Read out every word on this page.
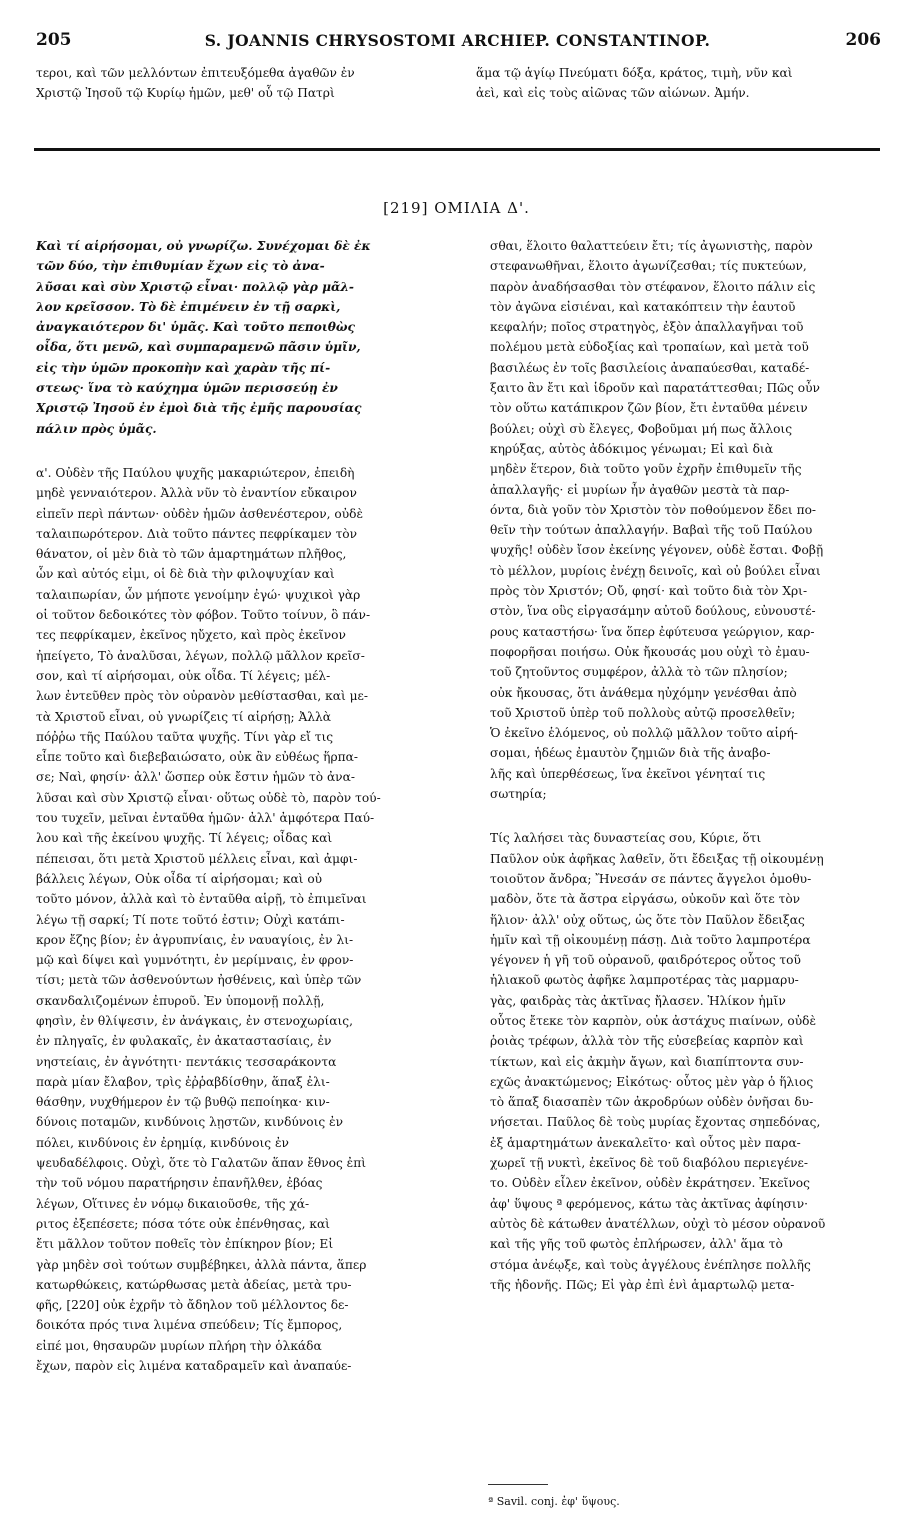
205	S. JOANNIS CHRYSOSTOMI ARCHIEP. CONSTANTINOP.	206
τεροι, καὶ τῶν μελλόντων ἐπιτευξόμεθα ἀγαθῶν ἐν
Χριστῷ Ἰησοῦ τῷ Κυρίῳ ἡμῶν, μεθ' οὗ τῷ Πατρὶ
ἅμα τῷ ἁγίῳ Πνεύματι δόξα, κράτος, τιμὴ, νῦν καὶ
ἀεὶ, καὶ εἰς τοὺς αἰῶνας τῶν αἰώνων. Ἀμήν.
[219] ΟΜΙΛΙΑ Δ'.
Καὶ τί αἱρήσομαι, οὐ γνωρίζω. Συνέχομαι δὲ ἐκ
τῶν δύο, τὴν ἐπιθυμίαν ἔχων εἰς τὸ ἀνα-
λῦσαι καὶ σὺν Χριστῷ εἶναι· πολλῷ γὰρ μᾶλ-
λον κρεῖσσον. Τὸ δὲ ἐπιμένειν ἐν τῇ σαρκὶ,
ἀναγκαιότερον δι' ὑμᾶς. Καὶ τοῦτο πεποιθὼς
οἶδα, ὅτι μενῶ, καὶ συμπαραμενῶ πᾶσιν ὑμῖν,
εἰς τὴν ὑμῶν προκοπὴν καὶ χαρὰν τῆς πί-
στεως· ἵνα τὸ καύχημα ὑμῶν περισσεύῃ ἐν
Χριστῷ Ἰησοῦ ἐν ἐμοὶ διὰ τῆς ἐμῆς παρουσίας
πάλιν πρὸς ὑμᾶς.
α'. Οὐδὲν τῆς Παύλου ψυχῆς μακαριώτερον, ἐπειδὴ
μηδὲ γενναιότερον. Ἀλλὰ νῦν τὸ ἐναντίον εὔκαιρον
εἰπεῖν περὶ πάντων· οὐδὲν ἡμῶν ἀσθενέστερον, οὐδὲ
ταλαιπωρότερον. Διὰ τοῦτο πάντες πεφρίκαμεν τὸν
θάνατον, οἱ μὲν διὰ τὸ τῶν ἁμαρτημάτων πλῆθος,
ὧν καὶ αὐτός εἰμι, οἱ δὲ διὰ τὴν φιλοψυχίαν καὶ
ταλαιπωρίαν, ὧν μήποτε γενοίμην ἐγώ· ψυχικοὶ γὰρ
οἱ τοῦτον δεδοικότες τὸν φόβον. Τοῦτο τοίνυν, ὃ πάν-
τες πεφρίκαμεν, ἐκεῖνος ηὔχετο, καὶ πρὸς ἐκεῖνον
ἠπείγετο, Τὸ ἀναλῦσαι, λέγων, πολλῷ μᾶλλον κρεῖσ-
σον, καὶ τί αἱρήσομαι, οὐκ οἶδα. Τί λέγεις; μέλ-
λων ἐντεῦθεν πρὸς τὸν οὐρανὸν μεθίστασθαι, καὶ με-
τὰ Χριστοῦ εἶναι, οὐ γνωρίζεις τί αἱρήσῃ; Ἀλλὰ
πόῤῥω τῆς Παύλου ταῦτα ψυχῆς. Τίνι γὰρ εἴ τις
εἶπε τοῦτο καὶ διεβεβαιώσατο, οὐκ ἂν εὐθέως ἥρπα-
σε; Ναὶ, φησίν· ἀλλ' ὥσπερ οὐκ ἔστιν ἡμῶν τὸ ἀνα-
λῦσαι καὶ σὺν Χριστῷ εἶναι· οὕτως οὐδὲ τὸ, παρὸν τού-
του τυχεῖν, μεῖναι ἐνταῦθα ἡμῶν· ἀλλ' ἀμφότερα Παύ-
λου καὶ τῆς ἐκείνου ψυχῆς. Τί λέγεις; οἶδας καὶ
πέπεισαι, ὅτι μετὰ Χριστοῦ μέλλεις εἶναι, καὶ ἀμφι-
βάλλεις λέγων, Οὐκ οἶδα τί αἱρήσομαι; καὶ οὐ
τοῦτο μόνον, ἀλλὰ καὶ τὸ ἐνταῦθα αἱρῇ, τὸ ἐπιμεῖναι
λέγω τῇ σαρκί; Τί ποτε τοῦτό ἐστιν; Οὐχὶ κατάπι-
κρον ἔζης βίον; ἐν ἀγρυπνίαις, ἐν ναυαγίοις, ἐν λι-
μῷ καὶ δίψει καὶ γυμνότητι, ἐν μερίμναις, ἐν φρον-
τίσι; μετὰ τῶν ἀσθενούντων ἠσθένεις, καὶ ὑπὲρ τῶν
σκανδαλιζομένων ἐπυροῦ. Ἐν ὑπομονῇ πολλῇ,
φησὶν, ἐν θλίψεσιν, ἐν ἀνάγκαις, ἐν στενοχωρίαις,
ἐν πληγαῖς, ἐν φυλακαῖς, ἐν ἀκαταστασίαις, ἐν
νηστείαις, ἐν ἀγνότητι· πεντάκις τεσσαράκοντα
παρὰ μίαν ἔλαβον, τρὶς ἐῤῥαβδίσθην, ἅπαξ ἐλι-
θάσθην, νυχθήμερον ἐν τῷ βυθῷ πεποίηκα· κιν-
δύνοις ποταμῶν, κινδύνοις λῃστῶν, κινδύνοις ἐν
πόλει, κινδύνοις ἐν ἐρημίᾳ, κινδύνοις ἐν
ψευδαδέλφοις. Οὐχὶ, ὅτε τὸ Γαλατῶν ἅπαν ἔθνος ἐπὶ
τὴν τοῦ νόμου παρατήρησιν ἐπανῆλθεν, ἐβόας
λέγων, Οἵτινες ἐν νόμῳ δικαιοῦσθε, τῆς χά-
ριτος ἐξεπέσετε; πόσα τότε οὐκ ἐπένθησας, καὶ
ἔτι μᾶλλον τοῦτον ποθεῖς τὸν ἐπίκηρον βίον; Εἰ
γὰρ μηδὲν σοὶ τούτων συμβέβηκει, ἀλλὰ πάντα, ἅπερ
κατωρθώκεις, κατώρθωσας μετὰ ἀδείας, μετὰ τρυ-
φῆς, [220] οὐκ ἐχρῆν τὸ ἄδηλον τοῦ μέλλοντος δε-
δοικότα πρός τινα λιμένα σπεύδειν; Τίς ἔμπορος,
εἰπέ μοι, θησαυρῶν μυρίων πλήρη τὴν ὁλκάδα
ἔχων, παρὸν εἰς λιμένα καταδραμεῖν καὶ ἀναπαύε-
σθαι, ἕλοιτο θαλαττεύειν ἔτι; τίς ἀγωνιστὴς, παρὸν
στεφανωθῆναι, ἕλοιτο ἀγωνίζεσθαι; τίς πυκτεύων,
παρὸν ἀναδήσασθαι τὸν στέφανον, ἕλοιτο πάλιν εἰς
τὸν ἀγῶνα εἰσιέναι, καὶ κατακόπτειν τὴν ἑαυτοῦ
κεφαλήν; ποῖος στρατηγὸς, ἐξὸν ἀπαλλαγῆναι τοῦ
πολέμου μετὰ εὐδοξίας καὶ τροπαίων, καὶ μετὰ τοῦ
βασιλέως ἐν τοῖς βασιλείοις ἀναπαύεσθαι, καταδέ-
ξαιτο ἂν ἔτι καὶ ἱδροῦν καὶ παρατάττεσθαι; Πῶς οὖν
τὸν οὕτω κατάπικρον ζῶν βίον, ἔτι ἐνταῦθα μένειν
βούλει; οὐχὶ σὺ ἔλεγες, Φοβοῦμαι μή πως ἄλλοις
κηρύξας, αὐτὸς ἀδόκιμος γένωμαι; Εἰ καὶ διὰ
μηδὲν ἕτερον, διὰ τοῦτο γοῦν ἐχρῆν ἐπιθυμεῖν τῆς
ἀπαλλαγῆς· εἰ μυρίων ἦν ἀγαθῶν μεστὰ τὰ παρ-
όντα, διὰ γοῦν τὸν Χριστὸν τὸν ποθούμενον ἔδει πο-
θεῖν τὴν τούτων ἀπαλλαγήν. Βαβαὶ τῆς τοῦ Παύλου
ψυχῆς! οὐδὲν ἴσον ἐκείνης γέγονεν, οὐδὲ ἔσται. Φοβῇ
τὸ μέλλον, μυρίοις ἐνέχῃ δεινοῖς, καὶ οὐ βούλει εἶναι
πρὸς τὸν Χριστόν; Οὔ, φησί· καὶ τοῦτο διὰ τὸν Χρι-
στὸν, ἵνα οὓς εἰργασάμην αὐτοῦ δούλους, εὐνουστέ-
ρους καταστήσω· ἵνα ὅπερ ἐφύτευσα γεώργιον, καρ-
ποφορῆσαι ποιήσω. Οὐκ ἤκουσάς μου οὐχὶ τὸ ἐμαυ-
τοῦ ζητοῦντος συμφέρον, ἀλλὰ τὸ τῶν πλησίον;
οὐκ ἤκουσας, ὅτι ἀνάθεμα ηὐχόμην γενέσθαι ἀπὸ
τοῦ Χριστοῦ ὑπὲρ τοῦ πολλοὺς αὐτῷ προσελθεῖν;
Ὁ ἐκεῖνο ἑλόμενος, οὐ πολλῷ μᾶλλον τοῦτο αἱρή-
σομαι, ἡδέως ἐμαυτὸν ζημιῶν διὰ τῆς ἀναβο-
λῆς καὶ ὑπερθέσεως, ἵνα ἐκεῖνοι γένηταί τις
σωτηρία;
Τίς λαλήσει τὰς δυναστείας σου, Κύριε, ὅτι
Παῦλον οὐκ ἀφῆκας λαθεῖν, ὅτι ἔδειξας τῇ οἰκουμένῃ
τοιοῦτον ἄνδρα; Ἤνεσάν σε πάντες ἄγγελοι ὁμοθυ-
μαδὸν, ὅτε τὰ ἄστρα εἰργάσω, οὐκοῦν καὶ ὅτε τὸν
ἥλιον· ἀλλ' οὐχ οὕτως, ὡς ὅτε τὸν Παῦλον ἔδειξας
ἡμῖν καὶ τῇ οἰκουμένῃ πάσῃ. Διὰ τοῦτο λαμπροτέρα
γέγονεν ἡ γῆ τοῦ οὐρανοῦ, φαιδρότερος οὗτος τοῦ
ἡλιακοῦ φωτὸς ἀφῆκε λαμπροτέρας τὰς μαρμαρυ-
γὰς, φαιδρὰς τὰς ἀκτῖνας ἤλασεν. Ἡλίκον ἡμῖν
οὗτος ἔτεκε τὸν καρπὸν, οὐκ ἀστάχυς πιαίνων, οὐδὲ
ῥοιὰς τρέφων, ἀλλὰ τὸν τῆς εὐσεβείας καρπὸν καὶ
τίκτων, καὶ εἰς ἀκμὴν ἄγων, καὶ διαπίπτοντα συν-
εχῶς ἀνακτώμενος; Εἰκότως· οὗτος μὲν γὰρ ὁ ἥλιος
τὸ ἅπαξ διασαπὲν τῶν ἀκροδρύων οὐδὲν ὀνῆσαι δυ-
νήσεται. Παῦλος δὲ τοὺς μυρίας ἔχοντας σηπεδόνας,
ἐξ ἁμαρτημάτων ἀνεκαλεῖτο· καὶ οὗτος μὲν παρα-
χωρεῖ τῇ νυκτὶ, ἐκεῖνος δὲ τοῦ διαβόλου περιεγένε-
το. Οὐδὲν εἶλεν ἐκεῖνον, οὐδὲν ἐκράτησεν. Ἐκεῖνος
ἀφ' ὕψους ª φερόμενος, κάτω τὰς ἀκτῖνας ἀφίησιν·
αὐτὸς δὲ κάτωθεν ἀνατέλλων, οὐχὶ τὸ μέσον οὐρανοῦ
καὶ τῆς γῆς τοῦ φωτὸς ἐπλήρωσεν, ἀλλ' ἅμα τὸ
στόμα ἀνέῳξε, καὶ τοὺς ἀγγέλους ἐνέπλησε πολλῆς
τῆς ἡδονῆς. Πῶς; Εἰ γὰρ ἐπὶ ἑνὶ ἁμαρτωλῷ μετα-
ª Savil. conj. ἐφ' ὕψους.
